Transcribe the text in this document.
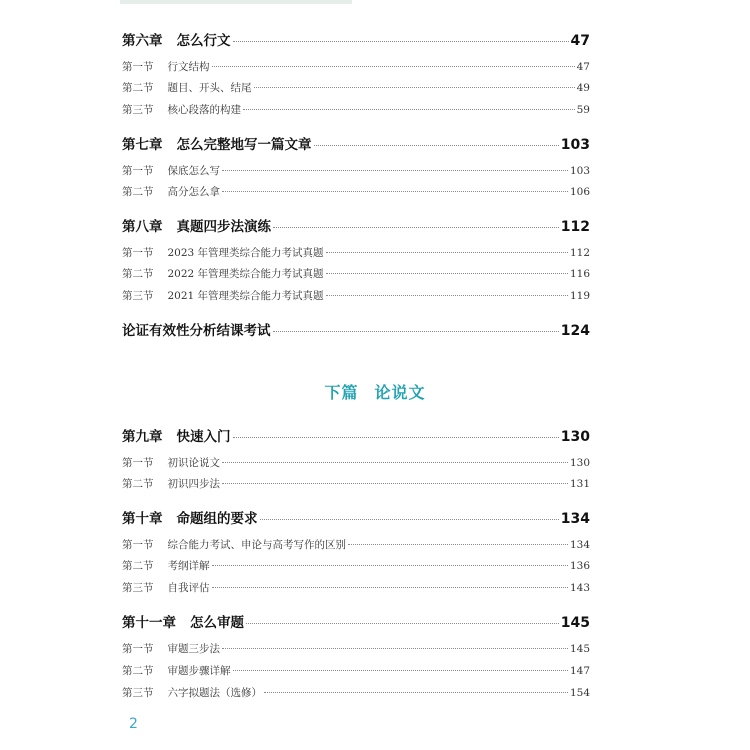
第六章 怎么行文	47
第一节 行文结构	47
第二节 题目、开头、结尾	49
第三节 核心段落的构建	59
第七章 怎么完整地写一篇文章	103
第一节 保底怎么写	103
第二节 高分怎么拿	106
第八章 真题四步法演练	112
第一节 2023 年管理类综合能力考试真题	112
第二节 2022 年管理类综合能力考试真题	116
第三节 2021 年管理类综合能力考试真题	119
论证有效性分析结课考试	124
第九章 快速入门	130
第一节 初识论说文	130
第二节 初识四步法	131
第十章 命题组的要求	134
第一节 综合能力考试、申论与高考写作的区别	134
第二节 考纲详解	136
第三节 自我评估	143
第十一章 怎么审题	145
第一节 审题三步法	145
第二节 审题步骤详解	147
第三节 六字拟题法（选修）	154
下篇 论说文
2
